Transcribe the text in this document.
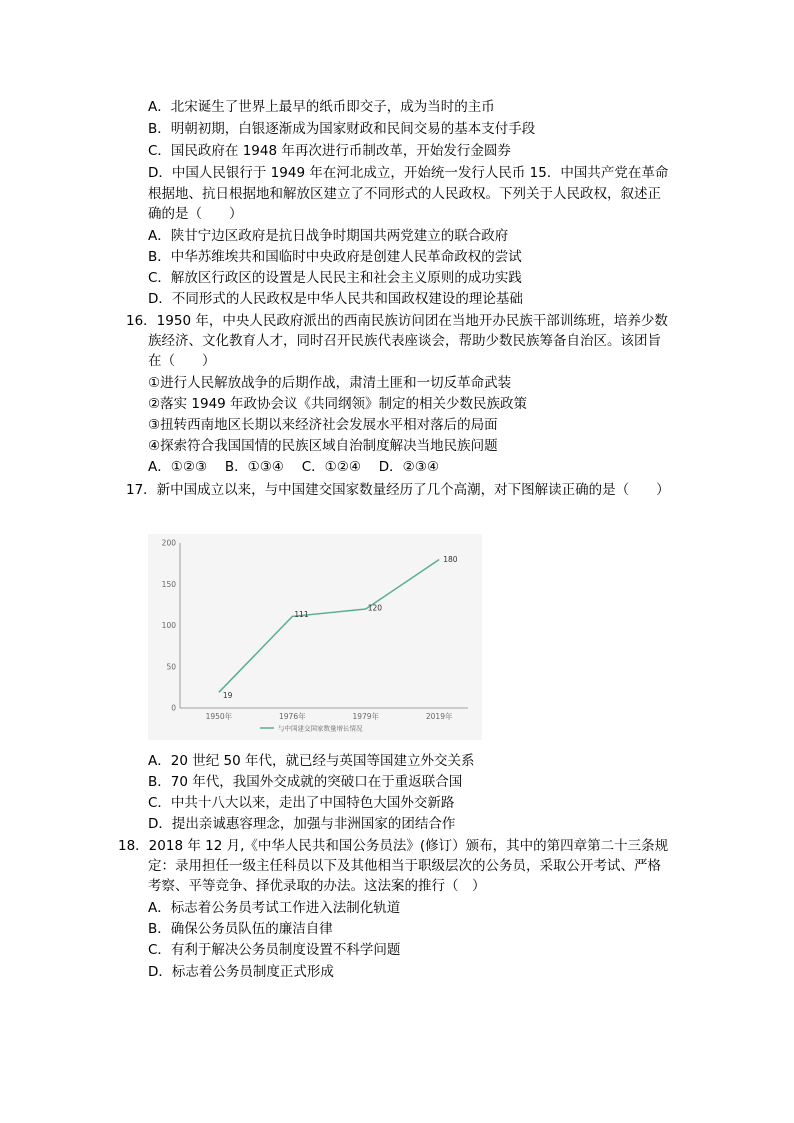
A．北宋诞生了世界上最早的纸币即交子，成为当时的主币
B．明朝初期，白银逐渐成为国家财政和民间交易的基本支付手段
C．国民政府在 1948 年再次进行币制改革，开始发行金圆券
D．中国人民银行于 1949 年在河北成立，开始统一发行人民币 15．中国共产党在革命
根据地、抗日根据地和解放区建立了不同形式的人民政权。下列关于人民政权，叙述正
确的是（　　）
A．陕甘宁边区政府是抗日战争时期国共两党建立的联合政府
B．中华苏维埃共和国临时中央政府是创建人民革命政权的尝试
C．解放区行政区的设置是人民民主和社会主义原则的成功实践
D．不同形式的人民政权是中华人民共和国政权建设的理论基础
16．1950 年，中央人民政府派出的西南民族访问团在当地开办民族干部训练班，培养少数
族经济、文化教育人才，同时召开民族代表座谈会，帮助少数民族筹备自治区。该团旨
在（　　）
①进行人民解放战争的后期作战，肃清土匪和一切反革命武装
②落实 1949 年政协会议《共同纲领》制定的相关少数民族政策
③扭转西南地区长期以来经济社会发展水平相对落后的局面
④探索符合我国国情的民族区域自治制度解决当地民族问题
A．①②③　 B．①③④　 C．①②④　 D．②③④
17．新中国成立以来，与中国建交国家数量经历了几个高潮，对下图解读正确的是（　　）
0
50
100
150
200
1950年	1976年	1979年	2019年
19
111
120
180
与中国建交国家数量增长情况
A．20 世纪 50 年代，就已经与英国等国建立外交关系
B．70 年代，我国外交成就的突破口在于重返联合国
C．中共十八大以来，走出了中国特色大国外交新路
D．提出亲诚惠容理念，加强与非洲国家的团结合作
18．2018 年 12 月,《中华人民共和国公务员法》(修订）颁布，其中的第四章第二十三条规
定：录用担任一级主任科员以下及其他相当于职级层次的公务员，采取公开考试、严格
考察、平等竞争、择优录取的办法。这法案的推行（　）
A．标志着公务员考试工作进入法制化轨道
B．确保公务员队伍的廉洁自律
C．有利于解决公务员制度设置不科学问题
D．标志着公务员制度正式形成
